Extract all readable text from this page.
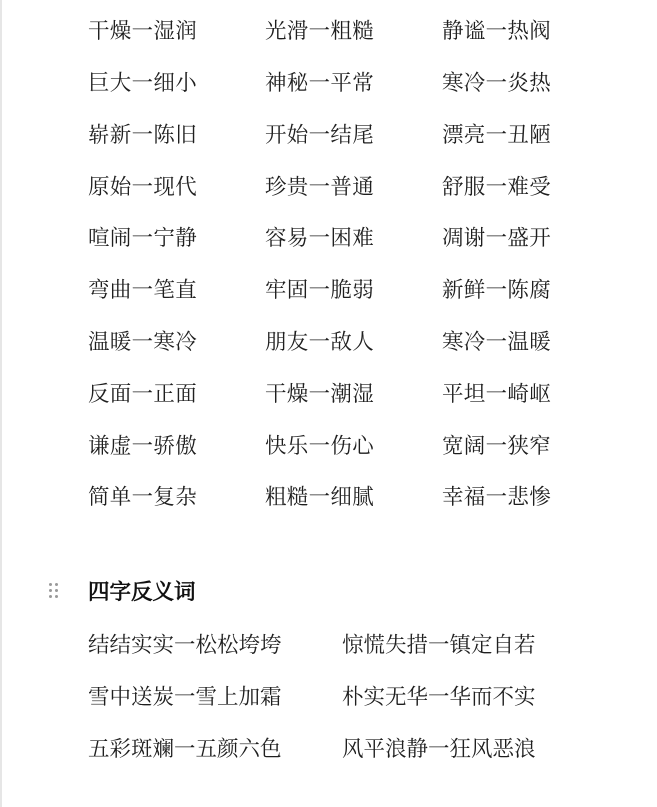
干燥一湿润	光滑一粗糙	静谧一热阀
巨大一细小	神秘一平常	寒冷一炎热
崭新一陈旧	开始一结尾	漂亮一丑陋
原始一现代	珍贵一普通	舒服一难受
喧闹一宁静	容易一困难	凋谢一盛开
弯曲一笔直	牢固一脆弱	新鲜一陈腐
温暖一寒冷	朋友一敌人	寒冷一温暖
反面一正面	干燥一潮湿	平坦一崎岖
谦虚一骄傲	快乐一伤心	宽阔一狭窄
简单一复杂	粗糙一细腻	幸福一悲惨
四字反义词
结结实实一松松垮垮	惊慌失措一镇定自若
雪中送炭一雪上加霜	朴实无华一华而不实
五彩斑斓一五颜六色	风平浪静一狂风恶浪
